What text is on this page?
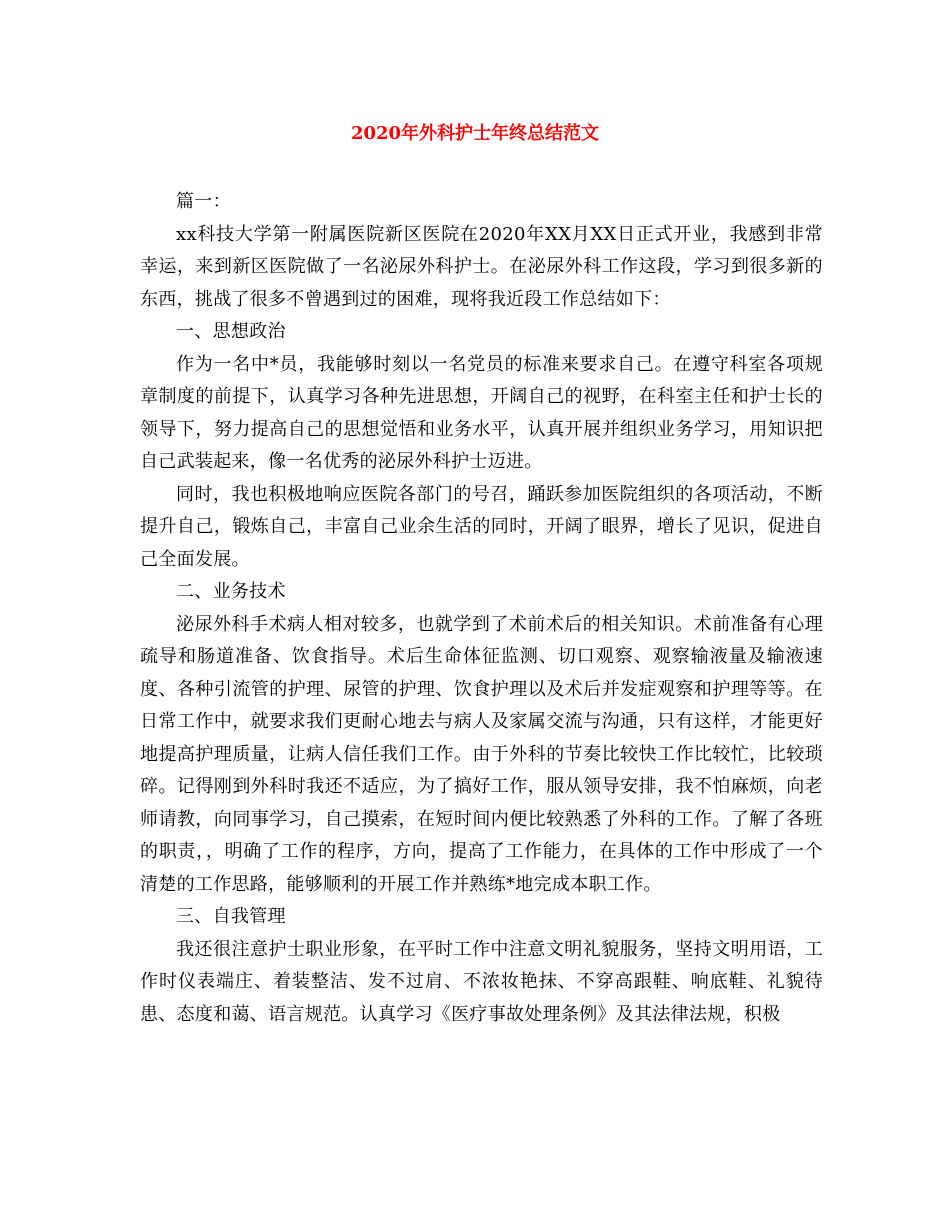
2020年外科护士年终总结范文

篇一：

xx科技大学第一附属医院新区医院在2020年XX月XX日正式开业，我感到非常幸运，来到新区医院做了一名泌尿外科护士。在泌尿外科工作这段，学习到很多新的东西，挑战了很多不曾遇到过的困难，现将我近段工作总结如下：

一、思想政治

作为一名中*员，我能够时刻以一名党员的标准来要求自己。在遵守科室各项规章制度的前提下，认真学习各种先进思想，开阔自己的视野，在科室主任和护士长的领导下，努力提高自己的思想觉悟和业务水平，认真开展并组织业务学习，用知识把自己武装起来，像一名优秀的泌尿外科护士迈进。

同时，我也积极地响应医院各部门的号召，踊跃参加医院组织的各项活动，不断提升自己，锻炼自己，丰富自己业余生活的同时，开阔了眼界，增长了见识，促进自己全面发展。

二、业务技术

泌尿外科手术病人相对较多，也就学到了术前术后的相关知识。术前准备有心理疏导和肠道准备、饮食指导。术后生命体征监测、切口观察、观察输液量及输液速度、各种引流管的护理、尿管的护理、饮食护理以及术后并发症观察和护理等等。在日常工作中，就要求我们更耐心地去与病人及家属交流与沟通，只有这样，才能更好地提高护理质量，让病人信任我们工作。由于外科的节奏比较快工作比较忙，比较琐碎。记得刚到外科时我还不适应，为了搞好工作，服从领导安排，我不怕麻烦，向老师请教，向同事学习，自己摸索，在短时间内便比较熟悉了外科的工作。了解了各班的职责，，明确了工作的程序，方向，提高了工作能力，在具体的工作中形成了一个清楚的工作思路，能够顺利的开展工作并熟练*地完成本职工作。

三、自我管理

我还很注意护士职业形象，在平时工作中注意文明礼貌服务，坚持文明用语，工作时仪表端庄、着装整洁、发不过肩、不浓妆艳抹、不穿高跟鞋、响底鞋、礼貌待患、态度和蔼、语言规范。认真学习《医疗事故处理条例》及其法律法规，积极
